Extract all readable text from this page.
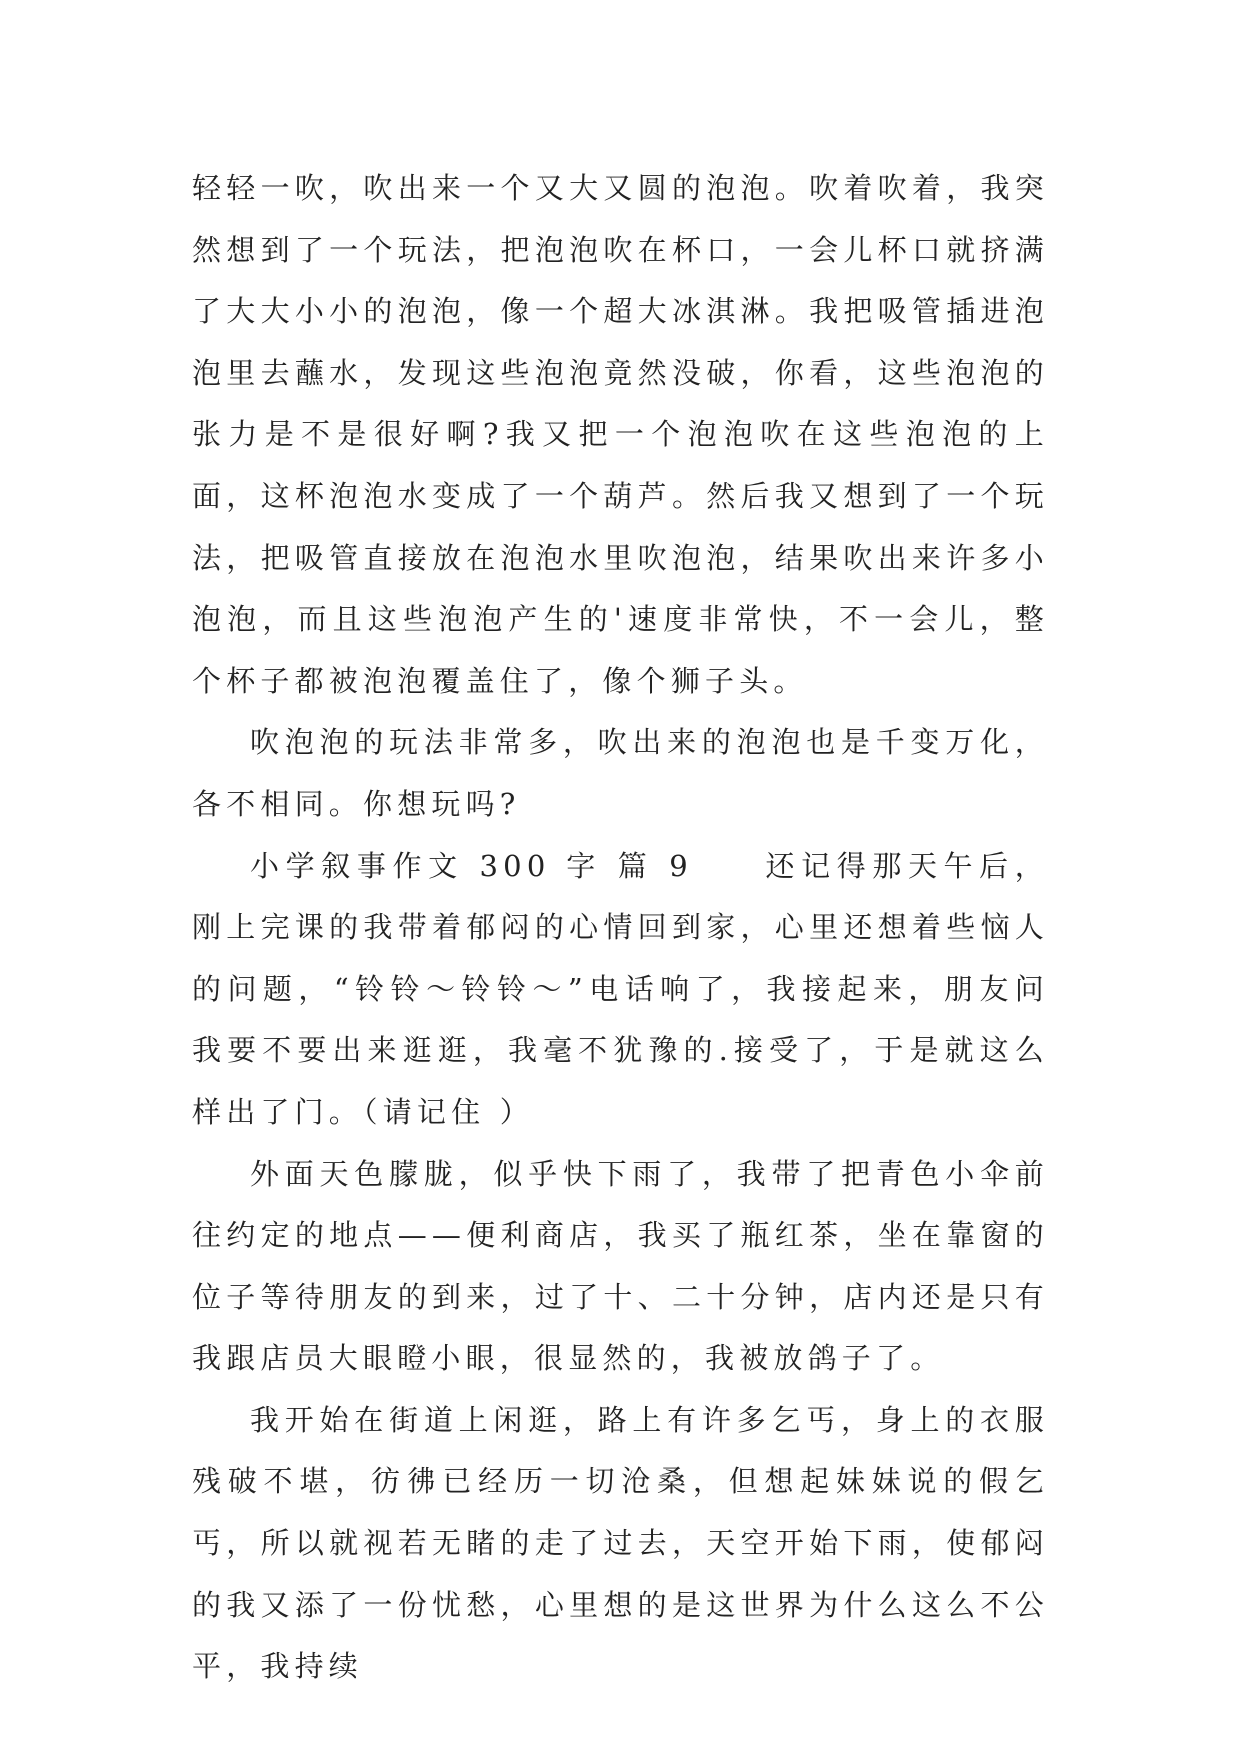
轻轻一吹，吹出来一个又大又圆的泡泡。吹着吹着，我突然想到了一个玩法，把泡泡吹在杯口，一会儿杯口就挤满了大大小小的泡泡，像一个超大冰淇淋。我把吸管插进泡泡里去蘸水，发现这些泡泡竟然没破，你看，这些泡泡的张力是不是很好啊?我又把一个泡泡吹在这些泡泡的上面，这杯泡泡水变成了一个葫芦。然后我又想到了一个玩法，把吸管直接放在泡泡水里吹泡泡，结果吹出来许多小泡泡，而且这些泡泡产生的'速度非常快，不一会儿，整个杯子都被泡泡覆盖住了，像个狮子头。

吹泡泡的玩法非常多，吹出来的泡泡也是千变万化，各不相同。你想玩吗?

小学叙事作文 300 字 篇 9　　还记得那天午后，刚上完课的我带着郁闷的心情回到家，心里还想着些恼人的问题，“铃铃～铃铃～”电话响了，我接起来，朋友问我要不要出来逛逛，我毫不犹豫的.接受了，于是就这么样出了门。（请记住 ）

外面天色朦胧，似乎快下雨了，我带了把青色小伞前往约定的地点——便利商店，我买了瓶红茶，坐在靠窗的位子等待朋友的到来，过了十、二十分钟，店内还是只有我跟店员大眼瞪小眼，很显然的，我被放鸽子了。

我开始在街道上闲逛，路上有许多乞丐，身上的衣服残破不堪，彷彿已经历一切沧桑，但想起妹妹说的假乞丐，所以就视若无睹的走了过去，天空开始下雨，使郁闷的我又添了一份忧愁，心里想的是这世界为什么这么不公平，我持续
